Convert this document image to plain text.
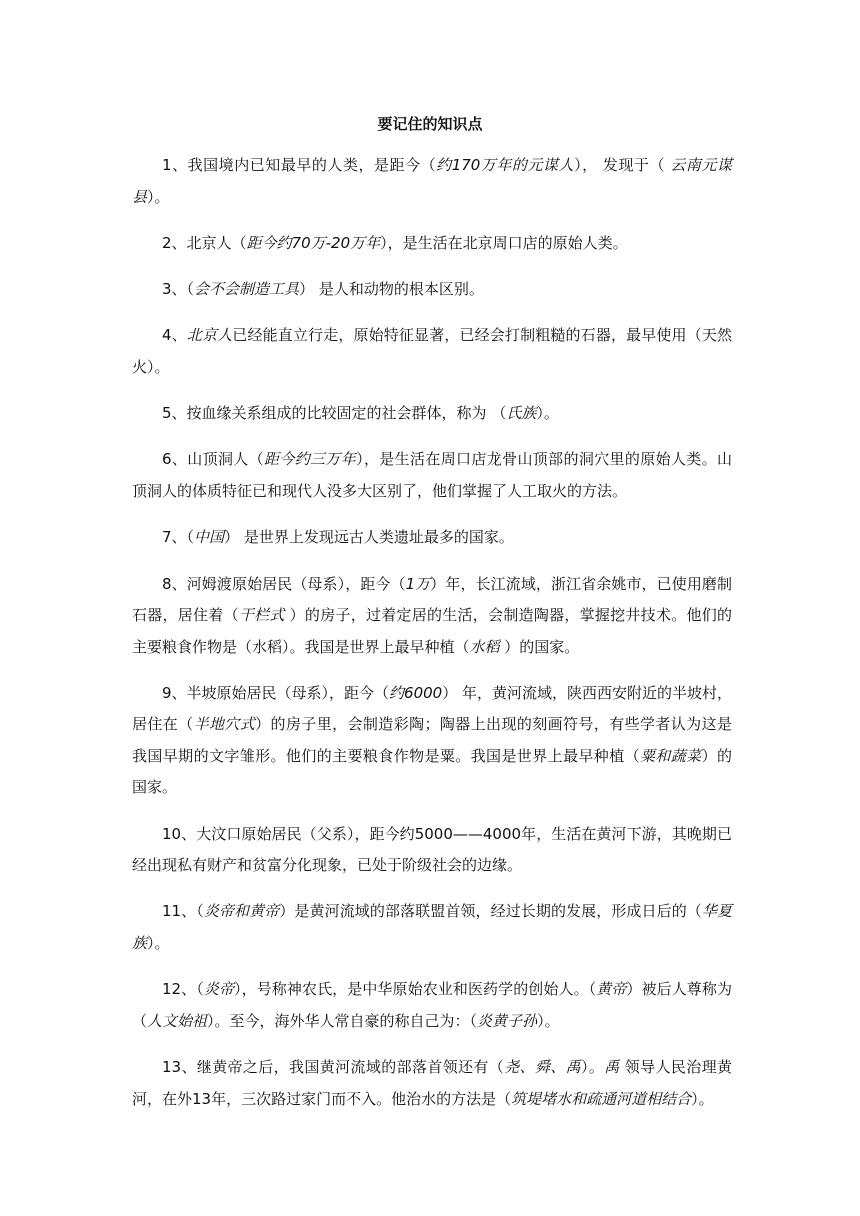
要记住的知识点

1、我国境内已知最早的人类，是距今（约170万年的元谋人）， 发现于（ 云南元谋县）。

2、北京人（距今约70万-20万年），是生活在北京周口店的原始人类。

3、（会不会制造工具） 是人和动物的根本区别。

4、北京人已经能直立行走，原始特征显著，已经会打制粗糙的石器，最早使用（天然火）。

5、按血缘关系组成的比较固定的社会群体，称为 （氏族）。

6、山顶洞人（距今约三万年），是生活在周口店龙骨山顶部的洞穴里的原始人类。山顶洞人的体质特征已和现代人没多大区别了，他们掌握了人工取火的方法。

7、（中国） 是世界上发现远古人类遗址最多的国家。

8、河姆渡原始居民（母系），距今（1万）年，长江流域，浙江省余姚市，已使用磨制石器，居住着（干栏式 ）的房子，过着定居的生活，会制造陶器，掌握挖井技术。他们的主要粮食作物是（水稻）。我国是世界上最早种植（水稻 ）的国家。

9、半坡原始居民（母系），距今（约6000） 年，黄河流域，陕西西安附近的半坡村，居住在（半地穴式）的房子里，会制造彩陶；陶器上出现的刻画符号，有些学者认为这是我国早期的文字雏形。他们的主要粮食作物是粟。我国是世界上最早种植（粟和蔬菜）的国家。

10、大汶口原始居民（父系），距今约5000——4000年，生活在黄河下游，其晚期已经出现私有财产和贫富分化现象，已处于阶级社会的边缘。

11、（炎帝和黄帝）是黄河流域的部落联盟首领，经过长期的发展，形成日后的（华夏族）。

12、（炎帝），号称神农氏，是中华原始农业和医药学的创始人。（黄帝）被后人尊称为（人文始祖）。至今，海外华人常自豪的称自己为：（炎黄子孙）。

13、继黄帝之后，我国黄河流域的部落首领还有（尧、舜、禹）。禹 领导人民治理黄河，在外13年，三次路过家门而不入。他治水的方法是（筑堤堵水和疏通河道相结合）。
